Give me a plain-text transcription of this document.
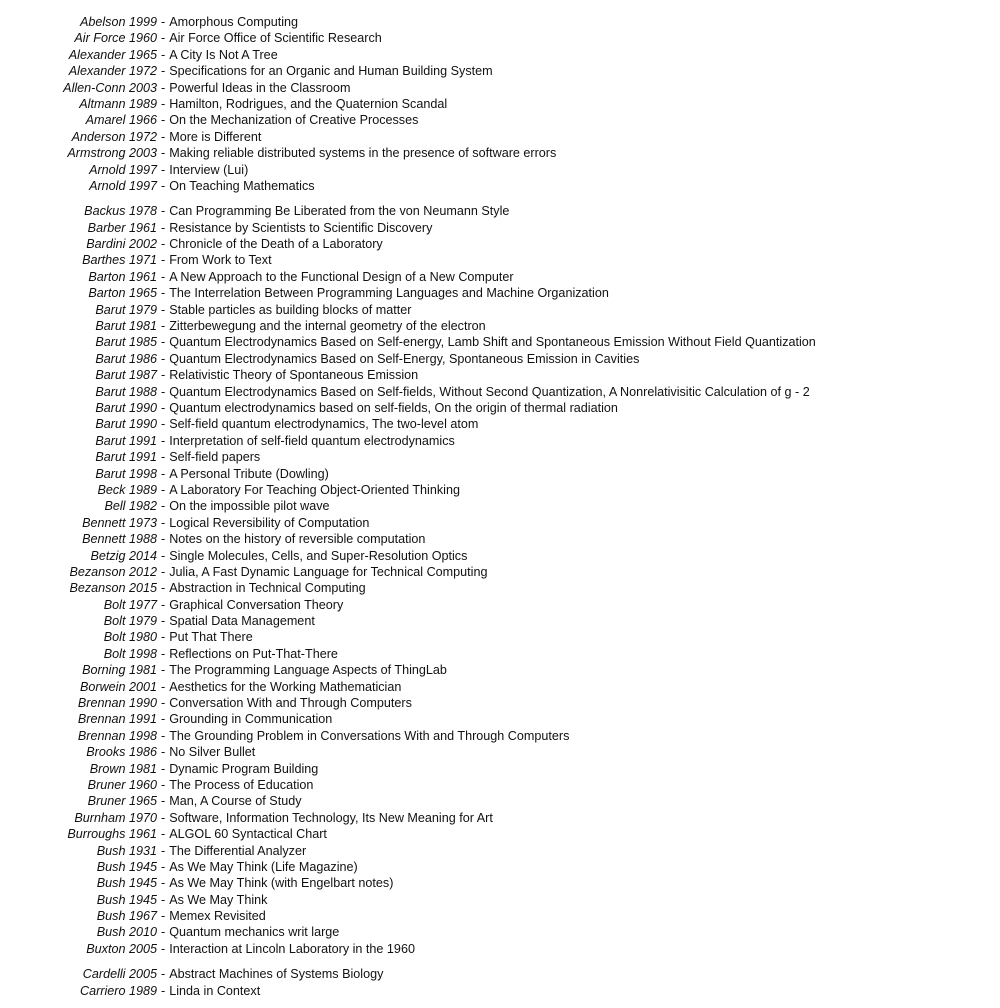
Abelson 1999 - Amorphous Computing
Air Force 1960 - Air Force Office of Scientific Research
Alexander 1965 - A City Is Not A Tree
Alexander 1972 - Specifications for an Organic and Human Building System
Allen-Conn 2003 - Powerful Ideas in the Classroom
Altmann 1989 - Hamilton, Rodrigues, and the Quaternion Scandal
Amarel 1966 - On the Mechanization of Creative Processes
Anderson 1972 - More is Different
Armstrong 2003 - Making reliable distributed systems in the presence of software errors
Arnold 1997 - Interview (Lui)
Arnold 1997 - On Teaching Mathematics
Backus 1978 - Can Programming Be Liberated from the von Neumann Style
Barber 1961 - Resistance by Scientists to Scientific Discovery
Bardini 2002 - Chronicle of the Death of a Laboratory
Barthes 1971 - From Work to Text
Barton 1961 - A New Approach to the Functional Design of a New Computer
Barton 1965 - The Interrelation Between Programming Languages and Machine Organization
Barut 1979 - Stable particles as building blocks of matter
Barut 1981 - Zitterbewegung and the internal geometry of the electron
Barut 1985 - Quantum Electrodynamics Based on Self-energy, Lamb Shift and Spontaneous Emission Without Field Quantization
Barut 1986 - Quantum Electrodynamics Based on Self-Energy, Spontaneous Emission in Cavities
Barut 1987 - Relativistic Theory of Spontaneous Emission
Barut 1988 - Quantum Electrodynamics Based on Self-fields, Without Second Quantization, A Nonrelativisitic Calculation of g - 2
Barut 1990 - Quantum electrodynamics based on self-fields, On the origin of thermal radiation
Barut 1990 - Self-field quantum electrodynamics, The two-level atom
Barut 1991 - Interpretation of self-field quantum electrodynamics
Barut 1991 - Self-field papers
Barut 1998 - A Personal Tribute (Dowling)
Beck 1989 - A Laboratory For Teaching Object-Oriented Thinking
Bell 1982 - On the impossible pilot wave
Bennett 1973 - Logical Reversibility of Computation
Bennett 1988 - Notes on the history of reversible computation
Betzig 2014 - Single Molecules, Cells, and Super-Resolution Optics
Bezanson 2012 - Julia, A Fast Dynamic Language for Technical Computing
Bezanson 2015 - Abstraction in Technical Computing
Bolt 1977 - Graphical Conversation Theory
Bolt 1979 - Spatial Data Management
Bolt 1980 - Put That There
Bolt 1998 - Reflections on Put-That-There
Borning 1981 - The Programming Language Aspects of ThingLab
Borwein 2001 - Aesthetics for the Working Mathematician
Brennan 1990 - Conversation With and Through Computers
Brennan 1991 - Grounding in Communication
Brennan 1998 - The Grounding Problem in Conversations With and Through Computers
Brooks 1986 - No Silver Bullet
Brown 1981 - Dynamic Program Building
Bruner 1960 - The Process of Education
Bruner 1965 - Man, A Course of Study
Burnham 1970 - Software, Information Technology, Its New Meaning for Art
Burroughs 1961 - ALGOL 60 Syntactical Chart
Bush 1931 - The Differential Analyzer
Bush 1945 - As We May Think (Life Magazine)
Bush 1945 - As We May Think (with Engelbart notes)
Bush 1945 - As We May Think
Bush 1967 - Memex Revisited
Bush 2010 - Quantum mechanics writ large
Buxton 2005 - Interaction at Lincoln Laboratory in the 1960
Cardelli 2005 - Abstract Machines of Systems Biology
Carriero 1989 - Linda in Context
